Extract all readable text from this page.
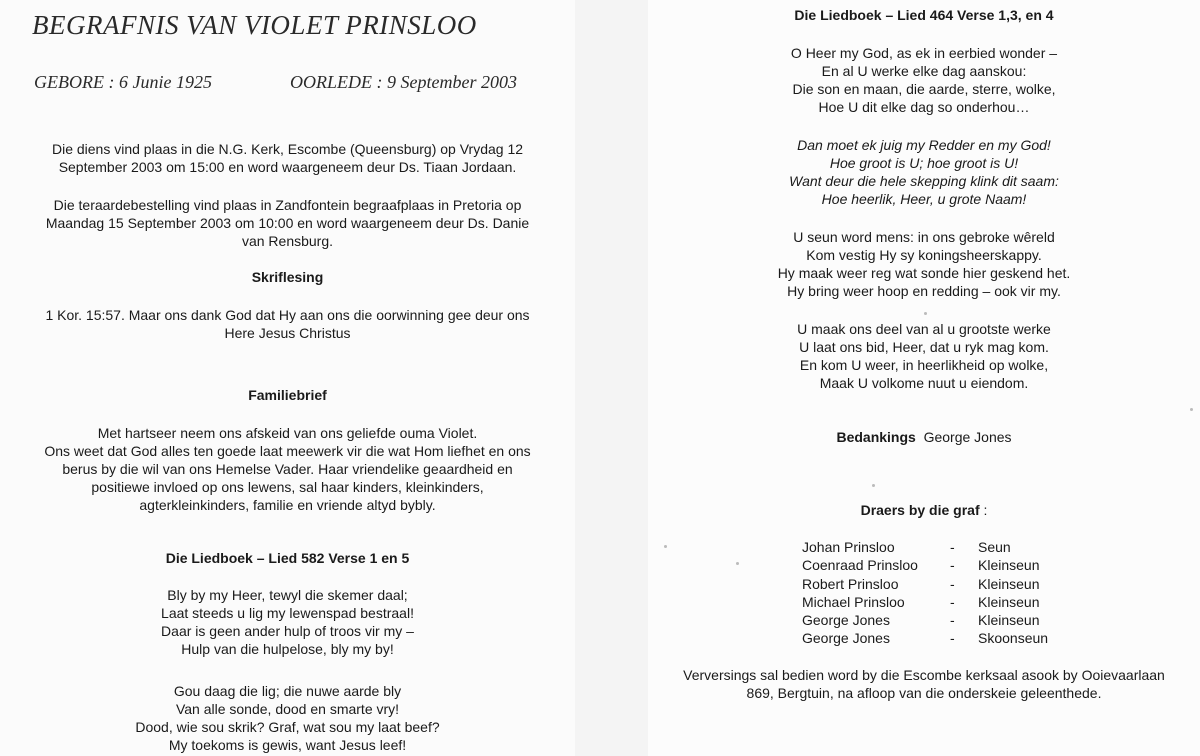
BEGRAFNIS VAN VIOLET PRINSLOO
GEBORE : 6 Junie 1925	OORLEDE : 9 September 2003
Die diens vind plaas in die N.G. Kerk, Escombe (Queensburg) op Vrydag 12
September 2003 om 15:00 en word waargeneem deur Ds. Tiaan Jordaan.
Die teraardebestelling vind plaas in Zandfontein begraafplaas in Pretoria op
Maandag 15 September 2003 om 10:00 en word waargeneem deur Ds. Danie
van Rensburg.
Skriflesing
1 Kor. 15:57. Maar ons dank God dat Hy aan ons die oorwinning gee deur ons
Here Jesus Christus
Familiebrief
Met hartseer neem ons afskeid van ons geliefde ouma Violet.
Ons weet dat God alles ten goede laat meewerk vir die wat Hom liefhet en ons
berus by die wil van ons Hemelse Vader. Haar vriendelike geaardheid en
positiewe invloed op ons lewens, sal haar kinders, kleinkinders,
agterkleinkinders, familie en vriende altyd bybly.
Die Liedboek – Lied 582 Verse 1 en 5
Bly by my Heer, tewyl die skemer daal;
Laat steeds u lig my lewenspad bestraal!
Daar is geen ander hulp of troos vir my –
Hulp van die hulpelose, bly my by!
Gou daag die lig; die nuwe aarde bly
Van alle sonde, dood en smarte vry!
Dood, wie sou skrik? Graf, wat sou my laat beef?
My toekoms is gewis, want Jesus leef!
Die Liedboek – Lied 464 Verse 1,3, en 4
O Heer my God, as ek in eerbied wonder –
En al U werke elke dag aanskou:
Die son en maan, die aarde, sterre, wolke,
Hoe U dit elke dag so onderhou…
Dan moet ek juig my Redder en my God!
Hoe groot is U; hoe groot is U!
Want deur die hele skepping klink dit saam:
Hoe heerlik, Heer, u grote Naam!
U seun word mens: in ons gebroke wêreld
Kom vestig Hy sy koningsheerskappy.
Hy maak weer reg wat sonde hier geskend het.
Hy bring weer hoop en redding – ook vir my.
U maak ons deel van al u grootste werke
U laat ons bid, Heer, dat u ryk mag kom.
En kom U weer, in heerlikheid op wolke,
Maak U volkome nuut u eiendom.
Bedankings George Jones
Draers by die graf :
Johan Prinsloo	-	Seun
Coenraad Prinsloo	-	Kleinseun
Robert Prinsloo	-	Kleinseun
Michael Prinsloo	-	Kleinseun
George Jones	-	Kleinseun
George Jones	-	Skoonseun
Verversings sal bedien word by die Escombe kerksaal asook by Ooievaarlaan
869, Bergtuin, na afloop van die onderskeie geleenthede.
